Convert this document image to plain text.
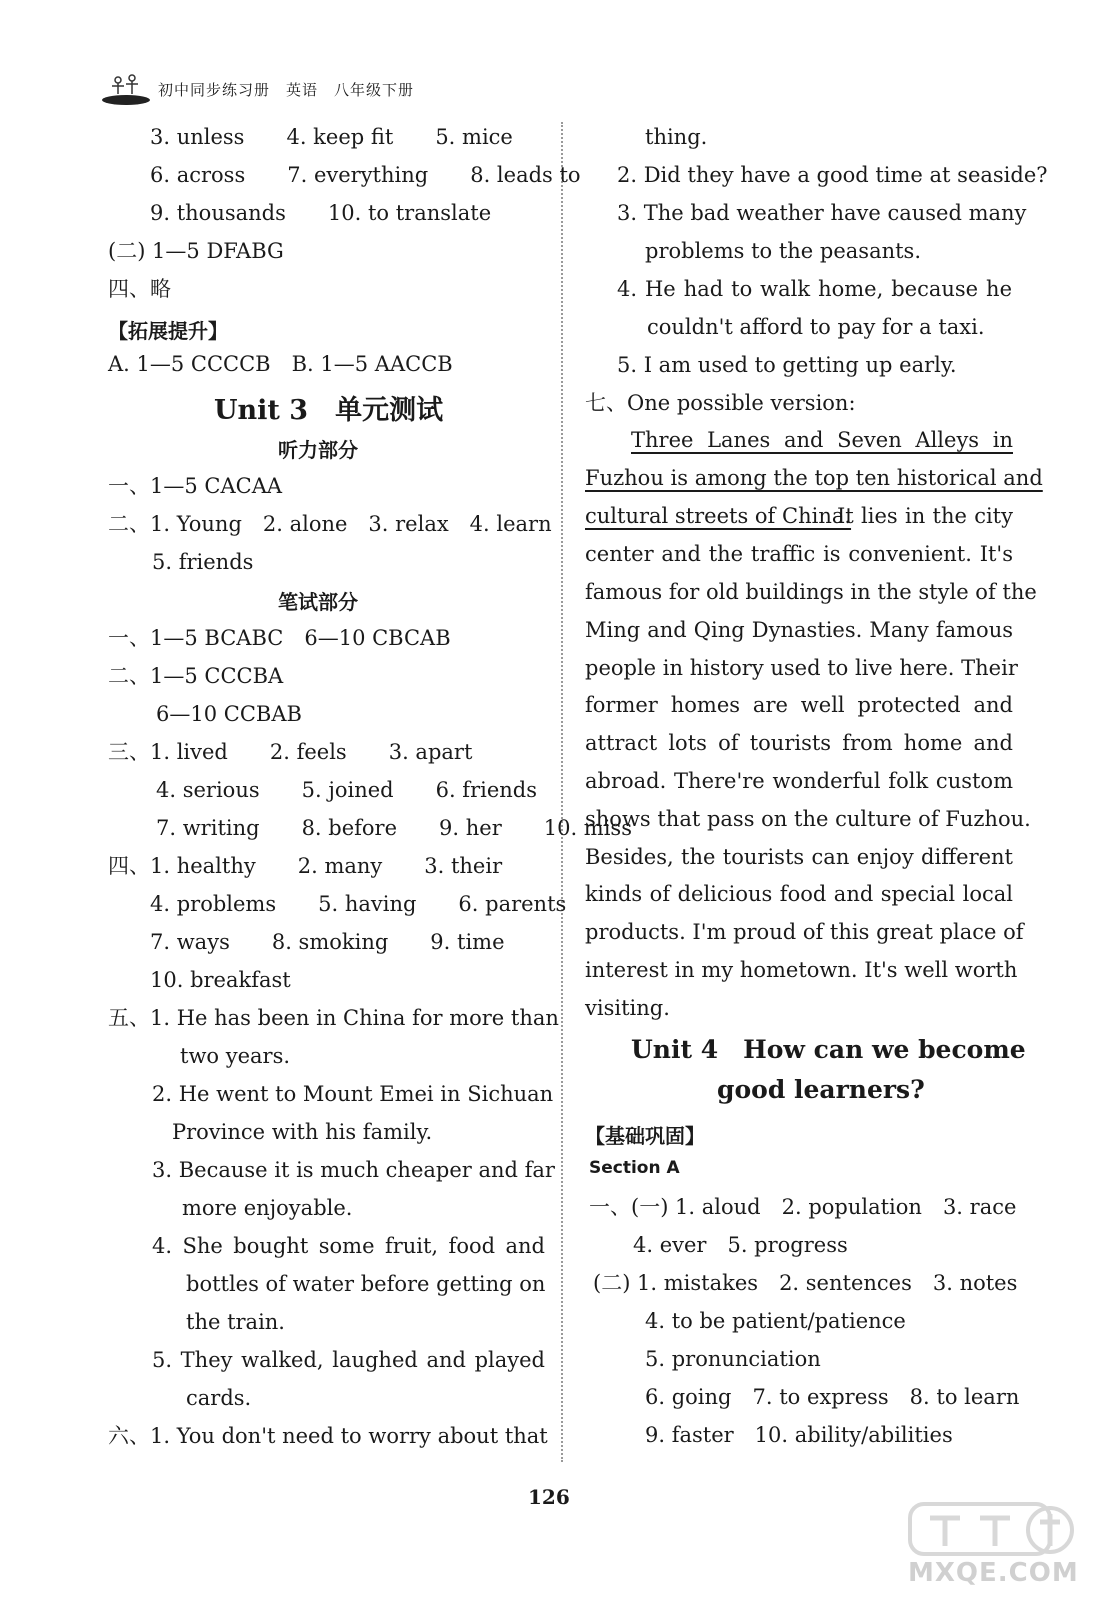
初中同步练习册　英语　八年级下册
3. unless　　4. keep fit　　5. mice
6. across　　7. everything　　8. leads to
9. thousands　　10. to translate
(二) 1—5 DFABG
四、略
【拓展提升】
A. 1—5 CCCCB　B. 1—5 AACCB
Unit 3　单元测试
听力部分
一、1—5 CACAA
二、1. Young　2. alone　3. relax　4. learn
5. friends
笔试部分
一、1—5 BCABC　6—10 CBCAB
二、1—5 CCCBA
6—10 CCBAB
三、1. lived　　2. feels　　3. apart
4. serious　　5. joined　　6. friends
7. writing　　8. before　　9. her　　10. miss
四、1. healthy　　2. many　　3. their
4. problems　　5. having　　6. parents
7. ways　　8. smoking　　9. time
10. breakfast
五、1. He has been in China for more than
two years.
2. He went to Mount Emei in Sichuan
Province with his family.
3. Because it is much cheaper and far
more enjoyable.
4. She bought some fruit, food and
bottles of water before getting on
the train.
5. They walked, laughed and played
cards.
六、1. You don't need to worry about that
thing.
2. Did they have a good time at seaside?
3. The bad weather have caused many
problems to the peasants.
4. He had to walk home, because he
couldn't afford to pay for a taxi.
5. I am used to getting up early.
七、One possible version:
Three Lanes and Seven Alleys in
Fuzhou is among the top ten historical and
cultural streets of China.
It lies in the city
center and the traffic is convenient. It's
famous for old buildings in the style of the
Ming and Qing Dynasties. Many famous
people in history used to live here. Their
former homes are well protected and
attract lots of tourists from home and
abroad. There're wonderful folk custom
shows that pass on the culture of Fuzhou.
Besides, the tourists can enjoy different
kinds of delicious food and special local
products. I'm proud of this great place of
interest in my hometown. It's well worth
visiting.
Unit 4　How can we become
good learners?
【基础巩固】
Section A
一、(一) 1. aloud　2. population　3. race
4. ever　5. progress
(二) 1. mistakes　2. sentences　3. notes
4. to be patient/patience
5. pronunciation
6. going　7. to express　8. to learn
9. faster　10. ability/abilities
126
MXQE.COM
